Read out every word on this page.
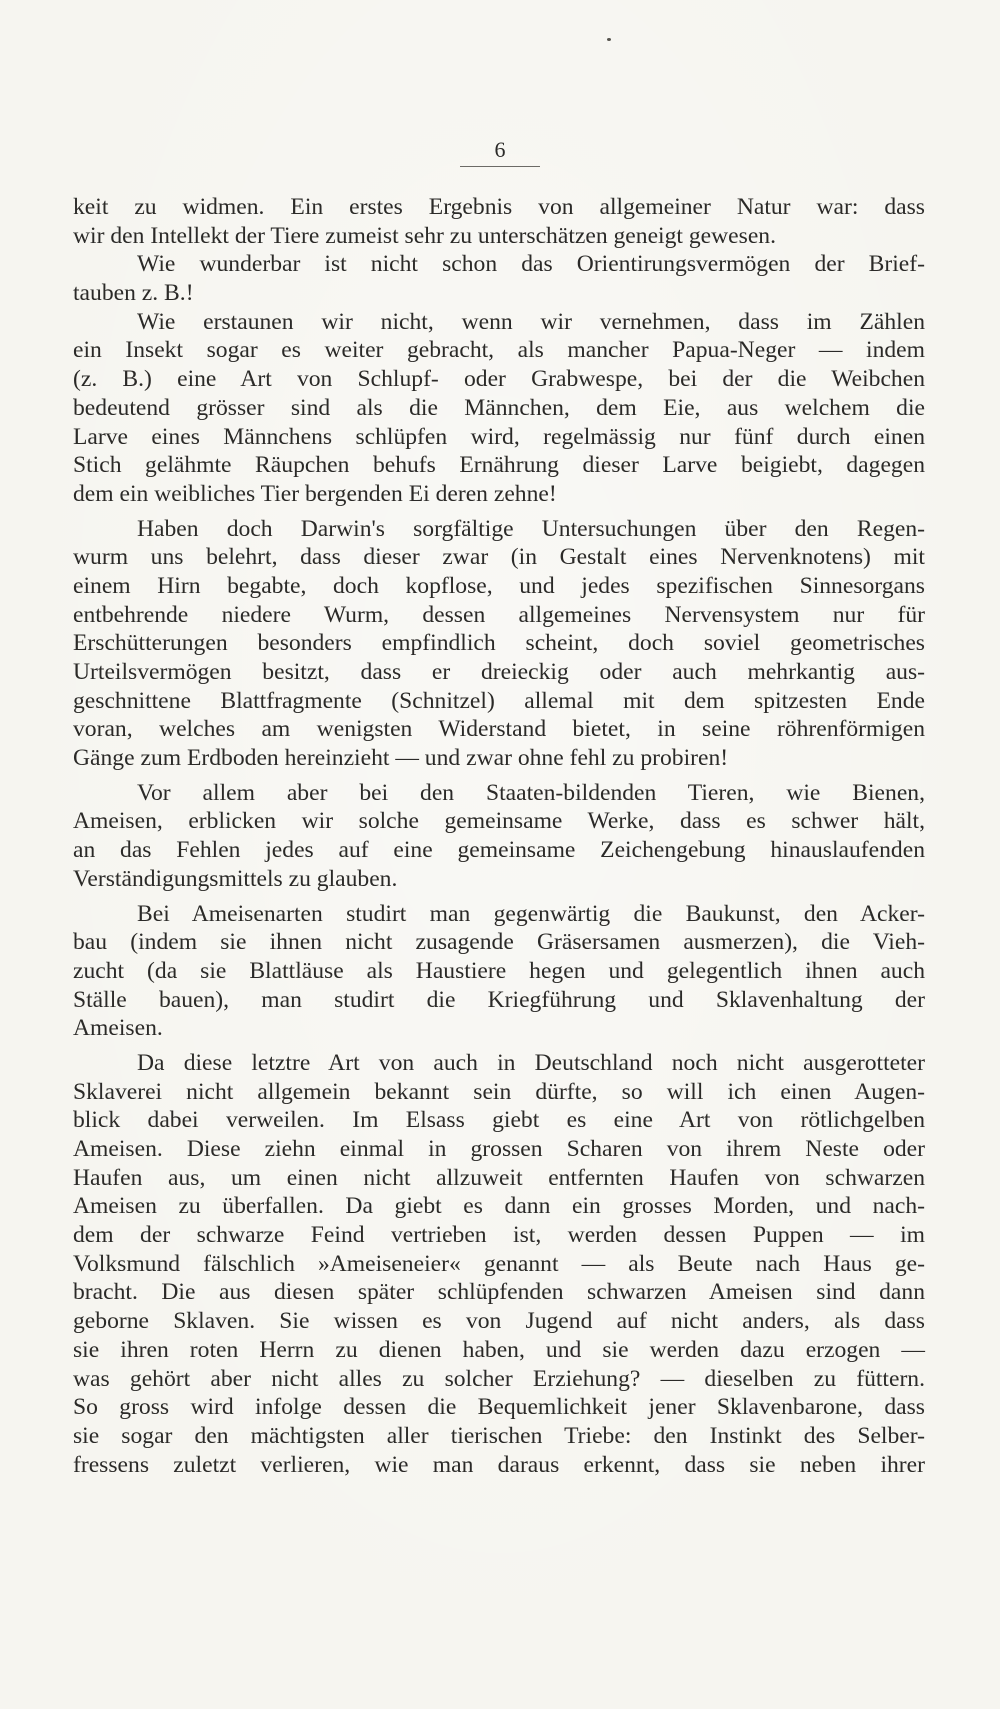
6
keit zu widmen. Ein erstes Ergebnis von allgemeiner Natur war: dass
wir den Intellekt der Tiere zumeist sehr zu unterschätzen geneigt gewesen.
Wie wunderbar ist nicht schon das Orientirungsvermögen der Brief-
tauben z. B.!
Wie erstaunen wir nicht, wenn wir vernehmen, dass im Zählen
ein Insekt sogar es weiter gebracht, als mancher Papua-Neger — indem
(z. B.) eine Art von Schlupf- oder Grabwespe, bei der die Weibchen
bedeutend grösser sind als die Männchen, dem Eie, aus welchem die
Larve eines Männchens schlüpfen wird, regelmässig nur fünf durch einen
Stich gelähmte Räupchen behufs Ernährung dieser Larve beigiebt, dagegen
dem ein weibliches Tier bergenden Ei deren zehne!
Haben doch Darwin's sorgfältige Untersuchungen über den Regen-
wurm uns belehrt, dass dieser zwar (in Gestalt eines Nervenknotens) mit
einem Hirn begabte, doch kopflose, und jedes spezifischen Sinnesorgans
entbehrende niedere Wurm, dessen allgemeines Nervensystem nur für
Erschütterungen besonders empfindlich scheint, doch soviel geometrisches
Urteilsvermögen besitzt, dass er dreieckig oder auch mehrkantig aus-
geschnittene Blattfragmente (Schnitzel) allemal mit dem spitzesten Ende
voran, welches am wenigsten Widerstand bietet, in seine röhrenförmigen
Gänge zum Erdboden hereinzieht — und zwar ohne fehl zu probiren!
Vor allem aber bei den Staaten-bildenden Tieren, wie Bienen,
Ameisen, erblicken wir solche gemeinsame Werke, dass es schwer hält,
an das Fehlen jedes auf eine gemeinsame Zeichengebung hinauslaufenden
Verständigungsmittels zu glauben.
Bei Ameisenarten studirt man gegenwärtig die Baukunst, den Acker-
bau (indem sie ihnen nicht zusagende Gräsersamen ausmerzen), die Vieh-
zucht (da sie Blattläuse als Haustiere hegen und gelegentlich ihnen auch
Ställe bauen), man studirt die Kriegführung und Sklavenhaltung der
Ameisen.
Da diese letztre Art von auch in Deutschland noch nicht ausgerotteter
Sklaverei nicht allgemein bekannt sein dürfte, so will ich einen Augen-
blick dabei verweilen. Im Elsass giebt es eine Art von rötlichgelben
Ameisen. Diese ziehn einmal in grossen Scharen von ihrem Neste oder
Haufen aus, um einen nicht allzuweit entfernten Haufen von schwarzen
Ameisen zu überfallen. Da giebt es dann ein grosses Morden, und nach-
dem der schwarze Feind vertrieben ist, werden dessen Puppen — im
Volksmund fälschlich »Ameiseneier« genannt — als Beute nach Haus ge-
bracht. Die aus diesen später schlüpfenden schwarzen Ameisen sind dann
geborne Sklaven. Sie wissen es von Jugend auf nicht anders, als dass
sie ihren roten Herrn zu dienen haben, und sie werden dazu erzogen —
was gehört aber nicht alles zu solcher Erziehung? — dieselben zu füttern.
So gross wird infolge dessen die Bequemlichkeit jener Sklavenbarone, dass
sie sogar den mächtigsten aller tierischen Triebe: den Instinkt des Selber-
fressens zuletzt verlieren, wie man daraus erkennt, dass sie neben ihrer
